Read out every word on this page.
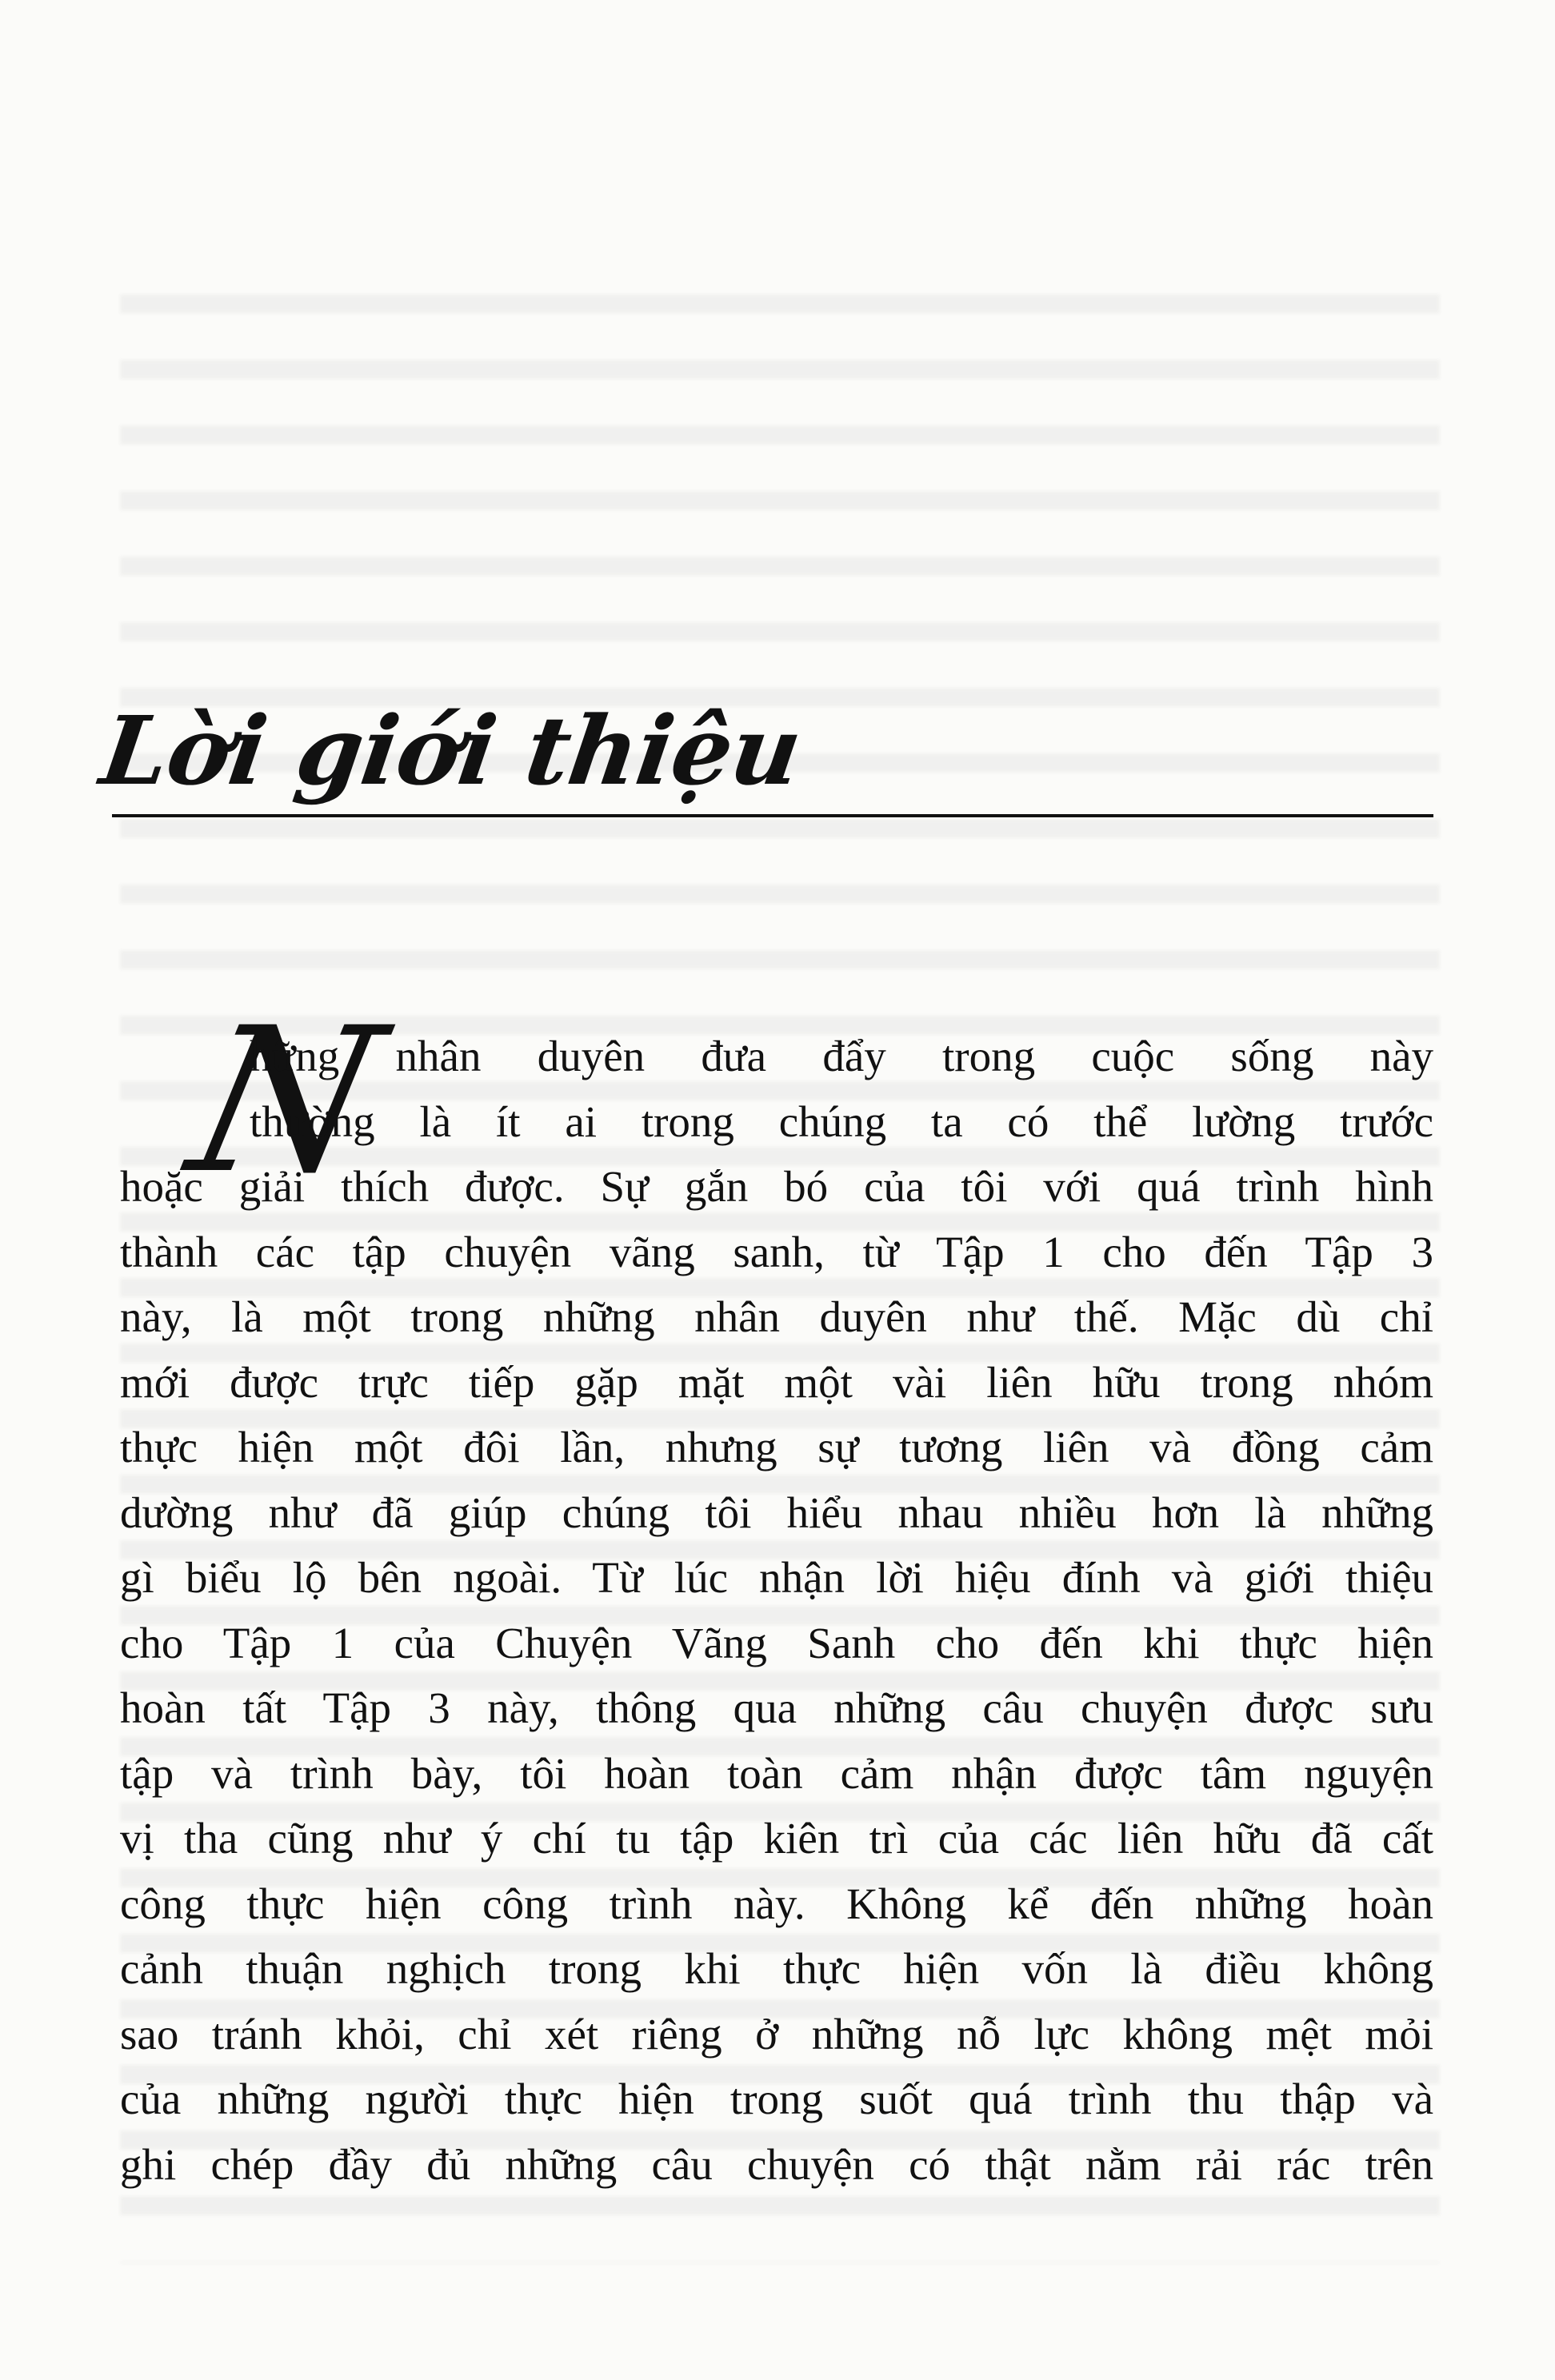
Lời giới thiệu
N
hững nhân duyên đưa đẩy trong cuộc sống này
thường là ít ai trong chúng ta có thể lường trước
hoặc giải thích được. Sự gắn bó của tôi với quá trình hình
thành các tập chuyện vãng sanh, từ Tập 1 cho đến Tập 3
này, là một trong những nhân duyên như thế. Mặc dù chỉ
mới được trực tiếp gặp mặt một vài liên hữu trong nhóm
thực hiện một đôi lần, nhưng sự tương liên và đồng cảm
dường như đã giúp chúng tôi hiểu nhau nhiều hơn là những
gì biểu lộ bên ngoài. Từ lúc nhận lời hiệu đính và giới thiệu
cho Tập 1 của Chuyện Vãng Sanh cho đến khi thực hiện
hoàn tất Tập 3 này, thông qua những câu chuyện được sưu
tập và trình bày, tôi hoàn toàn cảm nhận được tâm nguyện
vị tha cũng như ý chí tu tập kiên trì của các liên hữu đã cất
công thực hiện công trình này. Không kể đến những hoàn
cảnh thuận nghịch trong khi thực hiện vốn là điều không
sao tránh khỏi, chỉ xét riêng ở những nỗ lực không mệt mỏi
của những người thực hiện trong suốt quá trình thu thập và
ghi chép đầy đủ những câu chuyện có thật nằm rải rác trên
